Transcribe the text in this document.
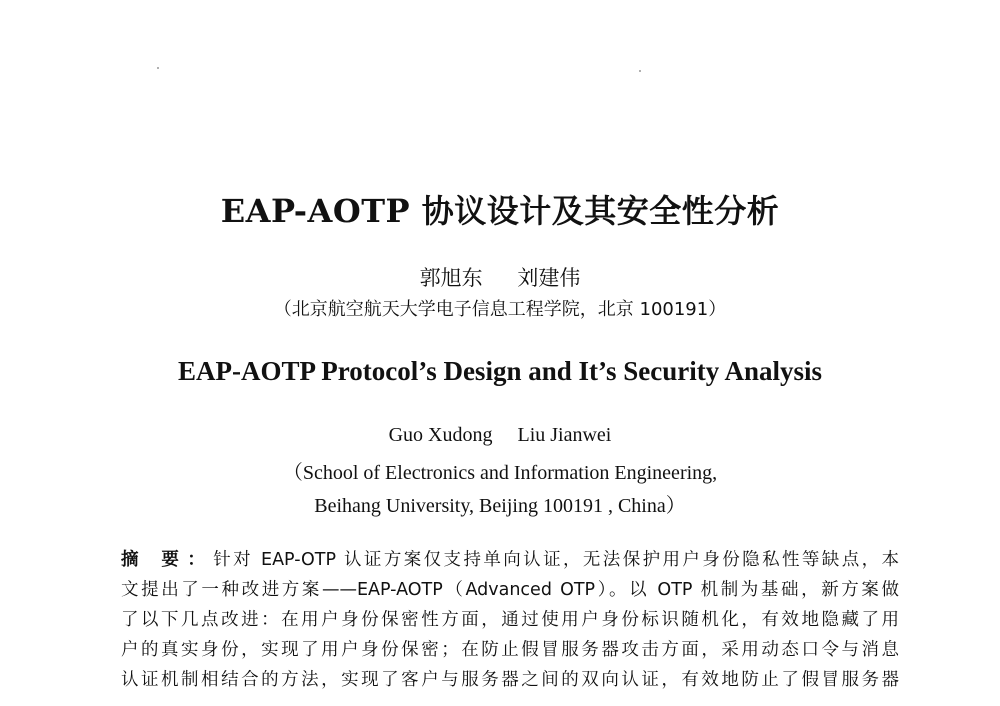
EAP-AOTP 协议设计及其安全性分析
郭旭东 刘建伟
（北京航空航天大学电子信息工程学院，北京 100191）
EAP-AOTP Protocol’s Design and It’s Security Analysis
Guo Xudong Liu Jianwei
（School of Electronics and Information Engineering,
Beihang University, Beijing 100191 , China）
摘 要：针对 EAP-OTP 认证方案仅支持单向认证，无法保护用户身份隐私性等缺点，本
文提出了一种改进方案——EAP-AOTP（Advanced OTP）。以 OTP 机制为基础，新方案做
了以下几点改进：在用户身份保密性方面，通过使用户身份标识随机化，有效地隐藏了用
户的真实身份，实现了用户身份保密；在防止假冒服务器攻击方面，采用动态口令与消息
认证机制相结合的方法，实现了客户与服务器之间的双向认证，有效地防止了假冒服务器
